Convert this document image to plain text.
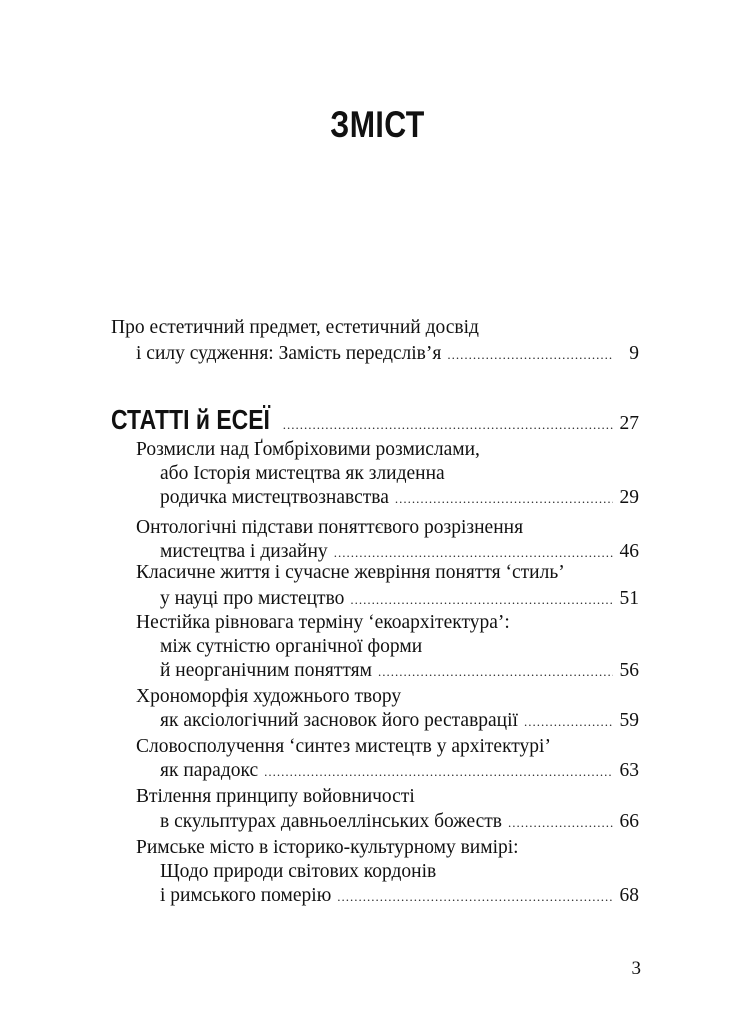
ЗМІСТ
Про естетичний предмет, естетичний досвід
і силу судження: Замість передслів’я .....	9
СТАТТІ й ЕСЕЇ .....	27
Розмисли над Ґомбріховими розмислами,
або Історія мистецтва як злиденна
родичка мистецтвознавства .....	29
Онтологічні підстави поняттєвого розрізнення
мистецтва і дизайну .....	46
Класичне життя і сучасне жеврiння поняття ‘стиль’
у науці про мистецтво .....	51
Нестійка рівновага терміну ‘екоархітектура’:
між сутністю органічної форми
й неорганічним поняттям .....	56
Хрономорфія художнього твору
як аксіологічний засновок його реставрації .....	59
Словосполучення ‘синтез мистецтв у архітектурі’
як парадокс .....	63
Втілення принципу войовничості
в скульптурах давньоеллінських божеств .....	66
Римське місто в історико-культурному вимірі:
Щодо природи світових кордонів
і римського померію .....	68
3
